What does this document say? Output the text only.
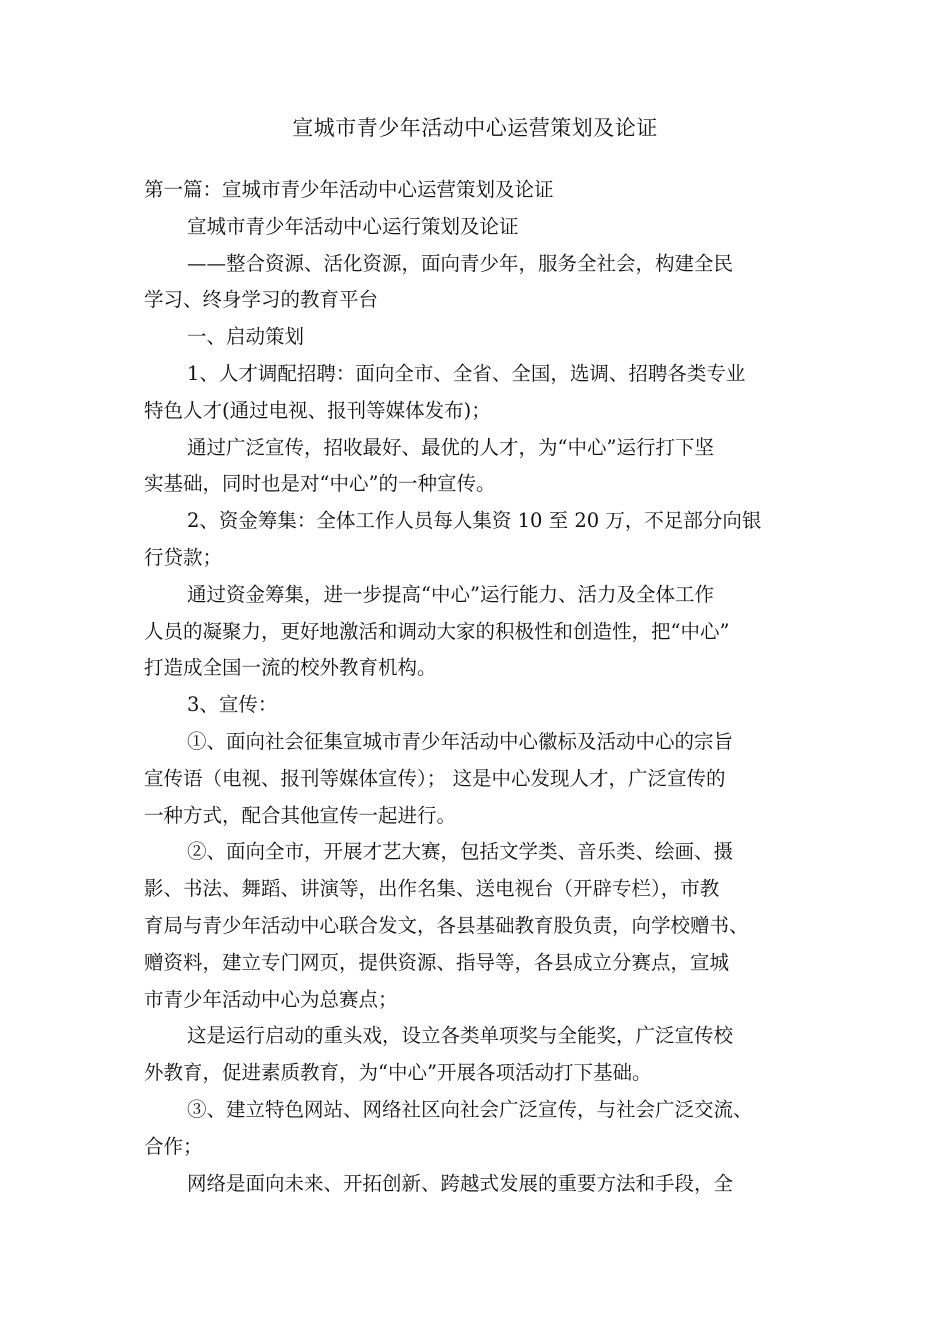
宣城市青少年活动中心运营策划及论证
第一篇：宣城市青少年活动中心运营策划及论证
宣城市青少年活动中心运行策划及论证
——整合资源、活化资源，面向青少年，服务全社会，构建全民
学习、终身学习的教育平台
一、启动策划
1、人才调配招聘：面向全市、全省、全国，选调、招聘各类专业
特色人才(通过电视、报刊等媒体发布)；
通过广泛宣传，招收最好、最优的人才，为“中心”运行打下坚
实基础，同时也是对“中心”的一种宣传。
2、资金筹集：全体工作人员每人集资 10 至 20 万，不足部分向银
行贷款；
通过资金筹集，进一步提高“中心”运行能力、活力及全体工作
人员的凝聚力，更好地激活和调动大家的积极性和创造性，把“中心”
打造成全国一流的校外教育机构。
3、宣传：
①、面向社会征集宣城市青少年活动中心徽标及活动中心的宗旨
宣传语（电视、报刊等媒体宣传）； 这是中心发现人才，广泛宣传的
一种方式，配合其他宣传一起进行。
②、面向全市，开展才艺大赛，包括文学类、音乐类、绘画、摄
影、书法、舞蹈、讲演等，出作名集、送电视台（开辟专栏），市教
育局与青少年活动中心联合发文，各县基础教育股负责，向学校赠书、
赠资料，建立专门网页，提供资源、指导等，各县成立分赛点，宣城
市青少年活动中心为总赛点；
这是运行启动的重头戏，设立各类单项奖与全能奖，广泛宣传校
外教育，促进素质教育，为“中心”开展各项活动打下基础。
③、建立特色网站、网络社区向社会广泛宣传，与社会广泛交流、
合作；
网络是面向未来、开拓创新、跨越式发展的重要方法和手段，全
